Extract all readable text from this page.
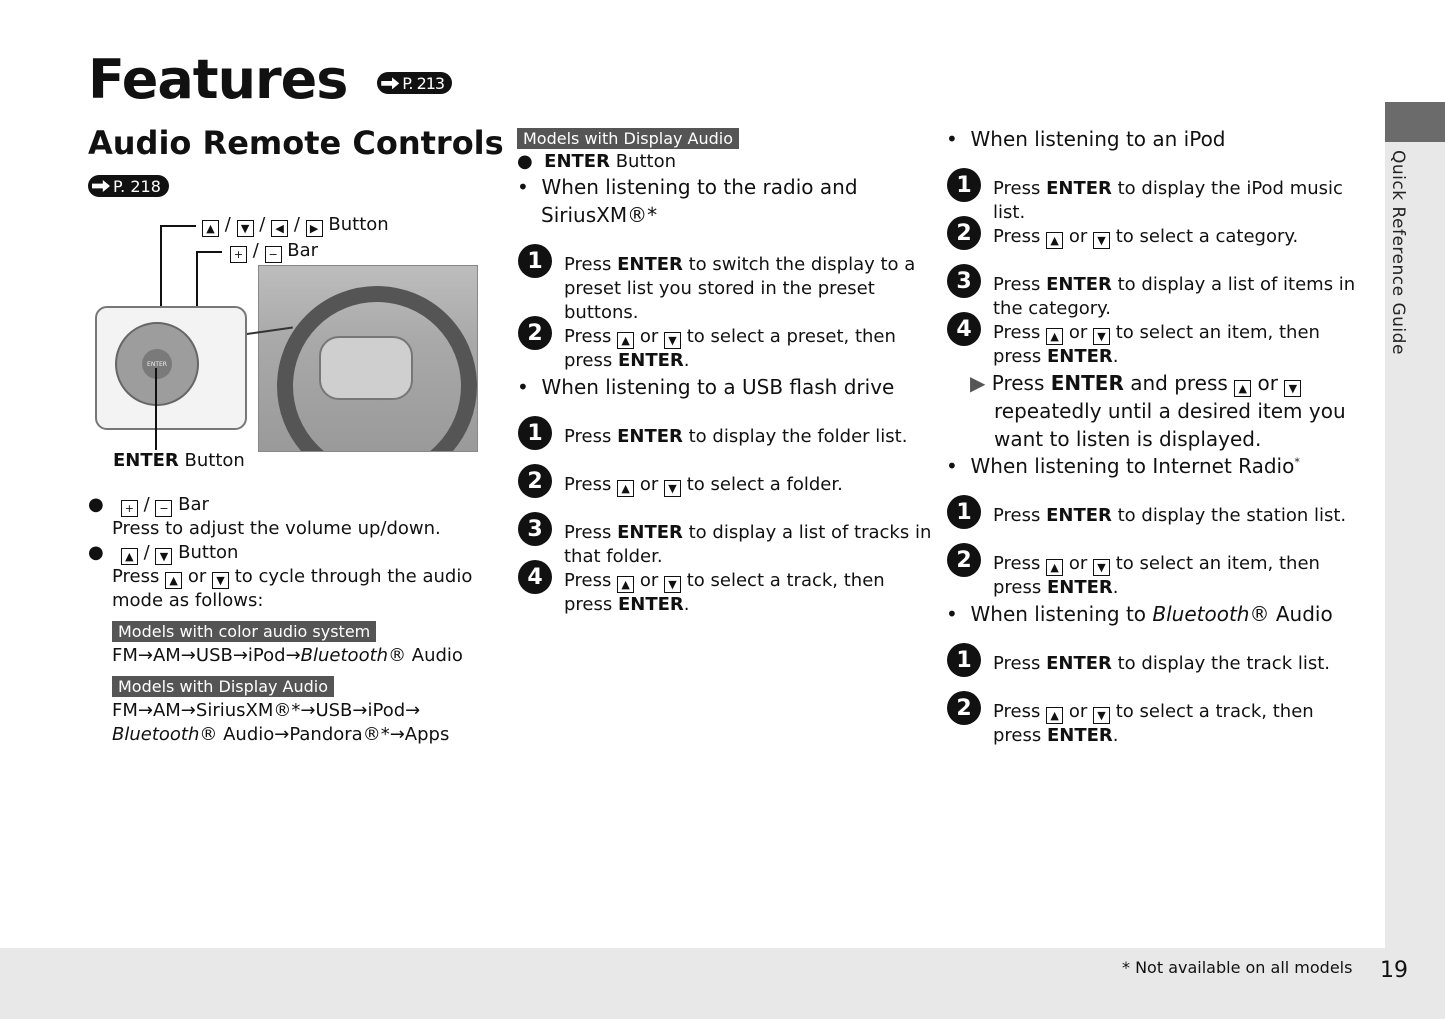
Quick Reference Guide
Features	P. 213
Audio Remote Controls
P. 218
▲ / ▼ / ◀ / ▶ Button
+ / − Bar
ENTER
ENTER Button
● + / − Bar
Press to adjust the volume up/down.
● ▲ / ▼ Button
Press ▲ or ▼ to cycle through the audio
mode as follows:
Models with color audio system
FM→AM→USB→iPod→Bluetooth® Audio
Models with Display Audio
FM→AM→SiriusXM®*→USB→iPod→
Bluetooth® Audio→Pandora®*→Apps
Models with Display Audio
● ENTER Button
• When listening to the radio and
SiriusXM®*
1	Press ENTER to switch the display to a
preset list you stored in the preset
buttons.
2	Press ▲ or ▼ to select a preset, then
press ENTER.
• When listening to a USB flash drive
1	Press ENTER to display the folder list.
2	Press ▲ or ▼ to select a folder.
3	Press ENTER to display a list of tracks in
that folder.
4	Press ▲ or ▼ to select a track, then
press ENTER.
• When listening to an iPod
1	Press ENTER to display the iPod music
list.
2	Press ▲ or ▼ to select a category.
3	Press ENTER to display a list of items in
the category.
4	Press ▲ or ▼ to select an item, then
press ENTER.
▶ Press ENTER and press ▲ or ▼
repeatedly until a desired item you
want to listen is displayed.
• When listening to Internet Radio*
1	Press ENTER to display the station list.
2	Press ▲ or ▼ to select an item, then
press ENTER.
• When listening to Bluetooth® Audio
1	Press ENTER to display the track list.
2	Press ▲ or ▼ to select a track, then
press ENTER.
* Not available on all models 19
